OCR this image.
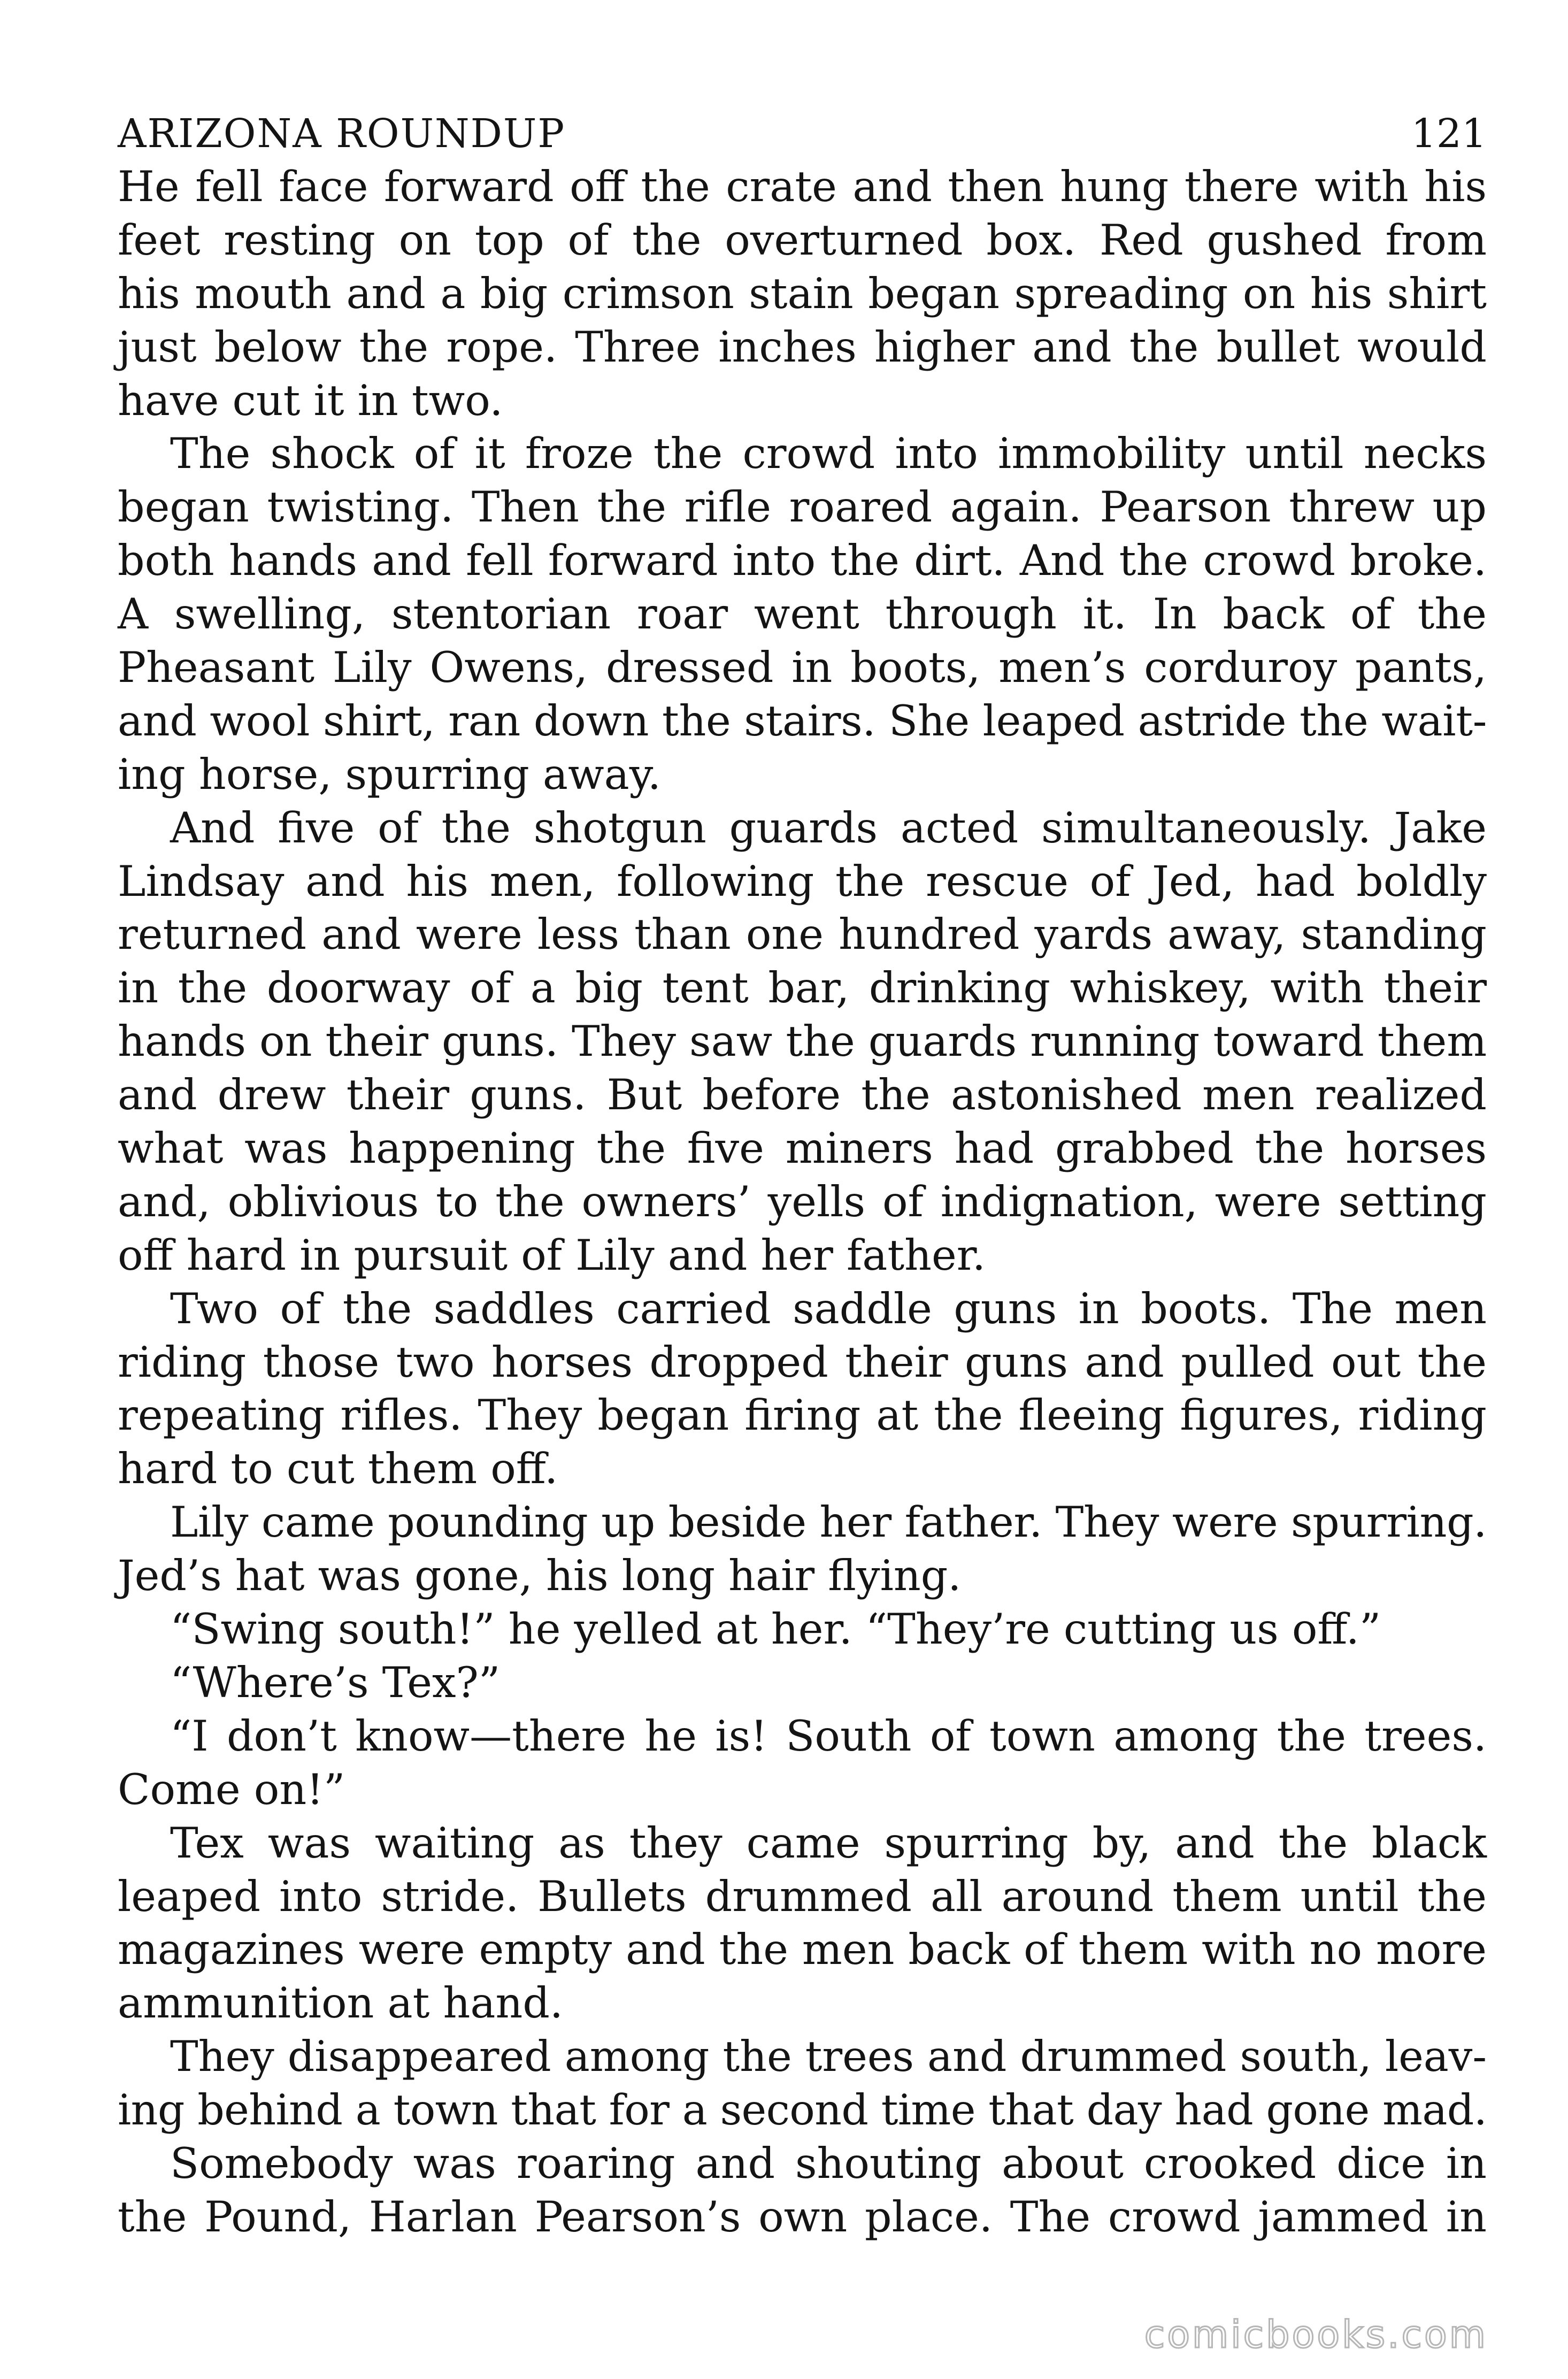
ARIZONA ROUNDUP	121
He fell face forward off the crate and then hung there with his
feet resting on top of the overturned box. Red gushed from
his mouth and a big crimson stain began spreading on his shirt
just below the rope. Three inches higher and the bullet would
have cut it in two.
The shock of it froze the crowd into immobility until necks
began twisting. Then the rifle roared again. Pearson threw up
both hands and fell forward into the dirt. And the crowd broke.
A swelling, stentorian roar went through it. In back of the
Pheasant Lily Owens, dressed in boots, men’s corduroy pants,
and wool shirt, ran down the stairs. She leaped astride the wait-
ing horse, spurring away.
And five of the shotgun guards acted simultaneously. Jake
Lindsay and his men, following the rescue of Jed, had boldly
returned and were less than one hundred yards away, standing
in the doorway of a big tent bar, drinking whiskey, with their
hands on their guns. They saw the guards running toward them
and drew their guns. But before the astonished men realized
what was happening the five miners had grabbed the horses
and, oblivious to the owners’ yells of indignation, were setting
off hard in pursuit of Lily and her father.
Two of the saddles carried saddle guns in boots. The men
riding those two horses dropped their guns and pulled out the
repeating rifles. They began firing at the fleeing figures, riding
hard to cut them off.
Lily came pounding up beside her father. They were spurring.
Jed’s hat was gone, his long hair flying.
“Swing south!” he yelled at her. “They’re cutting us off.”
“Where’s Tex?”
“I don’t know—there he is! South of town among the trees.
Come on!”
Tex was waiting as they came spurring by, and the black
leaped into stride. Bullets drummed all around them until the
magazines were empty and the men back of them with no more
ammunition at hand.
They disappeared among the trees and drummed south, leav-
ing behind a town that for a second time that day had gone mad.
Somebody was roaring and shouting about crooked dice in
the Pound, Harlan Pearson’s own place. The crowd jammed in
comicbooks.com
